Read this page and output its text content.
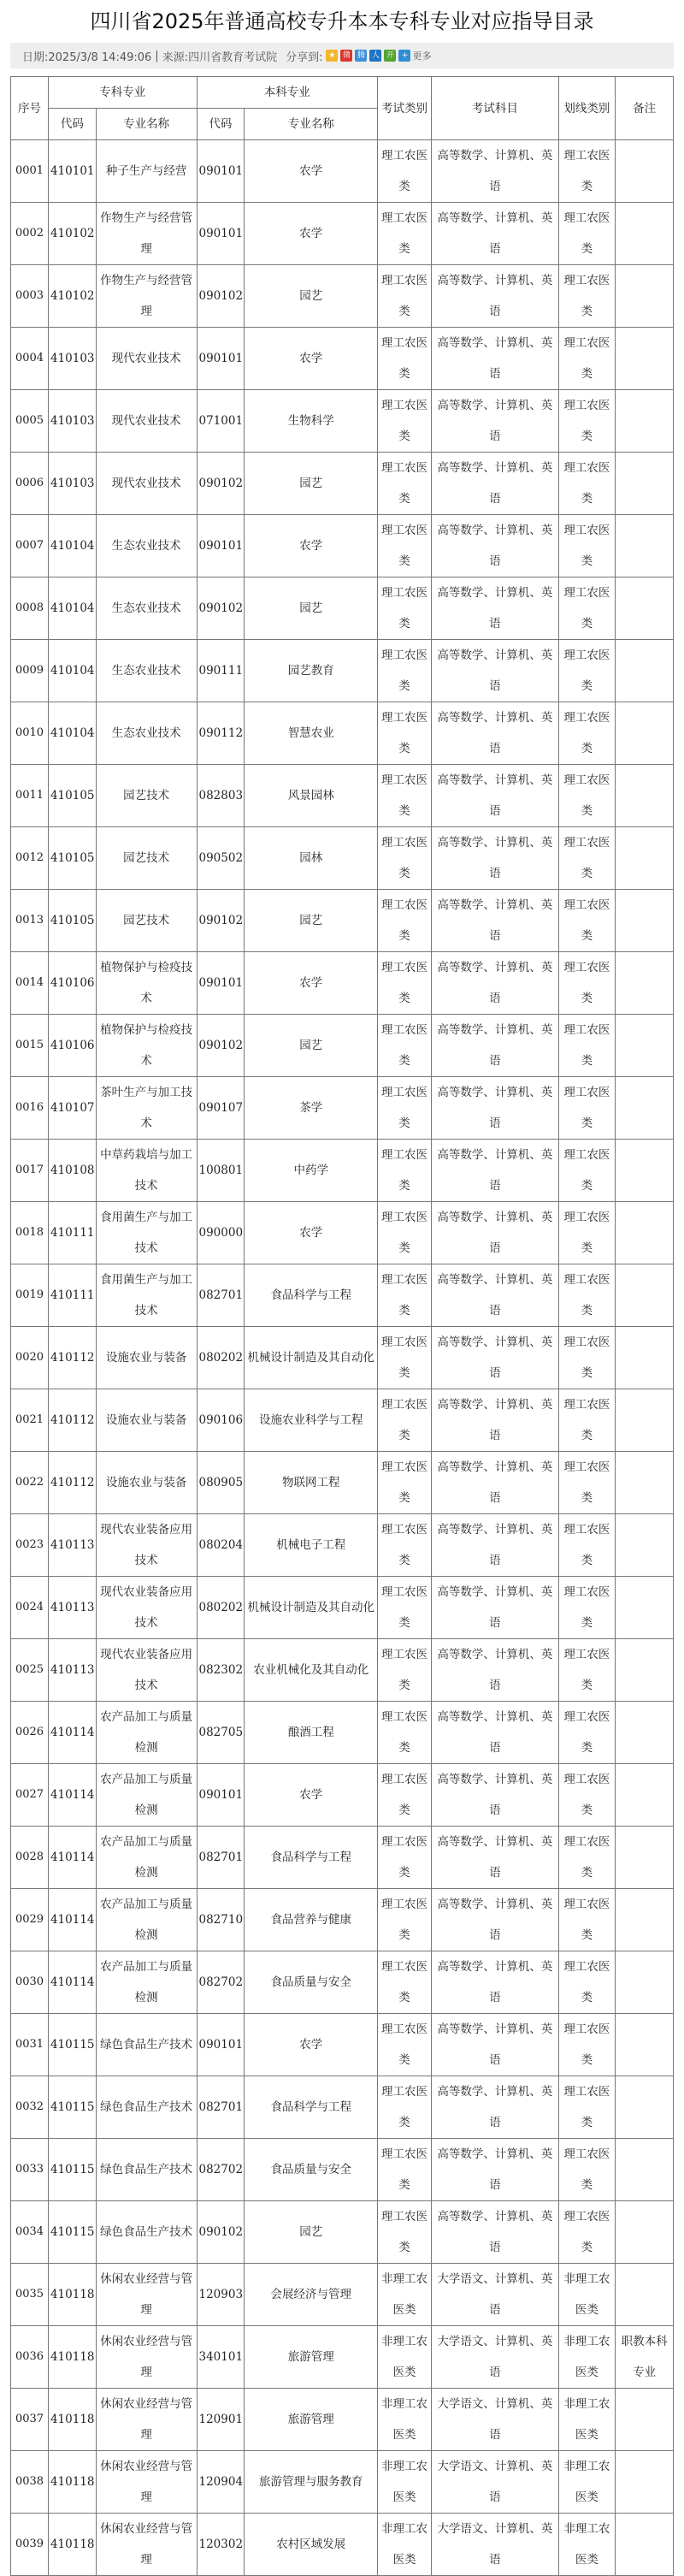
四川省2025年普通高校专升本本专科专业对应指导目录
日期:2025/3/8 14:49:06 | 来源:四川省教育考试院 分享到: ★ 微 腾 人 开 + 更多
序号	专科专业		本科专业		考试类别	考试科目	划线类别	备注
	代码	专业名称	代码	专业名称				
0001	410101	种子生产与经营	090101	农学	理工农医类	高等数学、计算机、英语	理工农医类	
0002	410102	作物生产与经营管理	090101	农学	理工农医类	高等数学、计算机、英语	理工农医类	
0003	410102	作物生产与经营管理	090102	园艺	理工农医类	高等数学、计算机、英语	理工农医类	
0004	410103	现代农业技术	090101	农学	理工农医类	高等数学、计算机、英语	理工农医类	
0005	410103	现代农业技术	071001	生物科学	理工农医类	高等数学、计算机、英语	理工农医类	
0006	410103	现代农业技术	090102	园艺	理工农医类	高等数学、计算机、英语	理工农医类	
0007	410104	生态农业技术	090101	农学	理工农医类	高等数学、计算机、英语	理工农医类	
0008	410104	生态农业技术	090102	园艺	理工农医类	高等数学、计算机、英语	理工农医类	
0009	410104	生态农业技术	090111	园艺教育	理工农医类	高等数学、计算机、英语	理工农医类	
0010	410104	生态农业技术	090112	智慧农业	理工农医类	高等数学、计算机、英语	理工农医类	
0011	410105	园艺技术	082803	风景园林	理工农医类	高等数学、计算机、英语	理工农医类	
0012	410105	园艺技术	090502	园林	理工农医类	高等数学、计算机、英语	理工农医类	
0013	410105	园艺技术	090102	园艺	理工农医类	高等数学、计算机、英语	理工农医类	
0014	410106	植物保护与检疫技术	090101	农学	理工农医类	高等数学、计算机、英语	理工农医类	
0015	410106	植物保护与检疫技术	090102	园艺	理工农医类	高等数学、计算机、英语	理工农医类	
0016	410107	茶叶生产与加工技术	090107	茶学	理工农医类	高等数学、计算机、英语	理工农医类	
0017	410108	中草药栽培与加工技术	100801	中药学	理工农医类	高等数学、计算机、英语	理工农医类	
0018	410111	食用菌生产与加工技术	090000	农学	理工农医类	高等数学、计算机、英语	理工农医类	
0019	410111	食用菌生产与加工技术	082701	食品科学与工程	理工农医类	高等数学、计算机、英语	理工农医类	
0020	410112	设施农业与装备	080202	机械设计制造及其自动化	理工农医类	高等数学、计算机、英语	理工农医类	
0021	410112	设施农业与装备	090106	设施农业科学与工程	理工农医类	高等数学、计算机、英语	理工农医类	
0022	410112	设施农业与装备	080905	物联网工程	理工农医类	高等数学、计算机、英语	理工农医类	
0023	410113	现代农业装备应用技术	080204	机械电子工程	理工农医类	高等数学、计算机、英语	理工农医类	
0024	410113	现代农业装备应用技术	080202	机械设计制造及其自动化	理工农医类	高等数学、计算机、英语	理工农医类	
0025	410113	现代农业装备应用技术	082302	农业机械化及其自动化	理工农医类	高等数学、计算机、英语	理工农医类	
0026	410114	农产品加工与质量检测	082705	酿酒工程	理工农医类	高等数学、计算机、英语	理工农医类	
0027	410114	农产品加工与质量检测	090101	农学	理工农医类	高等数学、计算机、英语	理工农医类	
0028	410114	农产品加工与质量检测	082701	食品科学与工程	理工农医类	高等数学、计算机、英语	理工农医类	
0029	410114	农产品加工与质量检测	082710	食品营养与健康	理工农医类	高等数学、计算机、英语	理工农医类	
0030	410114	农产品加工与质量检测	082702	食品质量与安全	理工农医类	高等数学、计算机、英语	理工农医类	
0031	410115	绿色食品生产技术	090101	农学	理工农医类	高等数学、计算机、英语	理工农医类	
0032	410115	绿色食品生产技术	082701	食品科学与工程	理工农医类	高等数学、计算机、英语	理工农医类	
0033	410115	绿色食品生产技术	082702	食品质量与安全	理工农医类	高等数学、计算机、英语	理工农医类	
0034	410115	绿色食品生产技术	090102	园艺	理工农医类	高等数学、计算机、英语	理工农医类	
0035	410118	休闲农业经营与管理	120903	会展经济与管理	非理工农医类	大学语文、计算机、英语	非理工农医类	
0036	410118	休闲农业经营与管理	340101	旅游管理	非理工农医类	大学语文、计算机、英语	非理工农医类	职教本科专业
0037	410118	休闲农业经营与管理	120901	旅游管理	非理工农医类	大学语文、计算机、英语	非理工农医类	
0038	410118	休闲农业经营与管理	120904	旅游管理与服务教育	非理工农医类	大学语文、计算机、英语	非理工农医类	
0039	410118	休闲农业经营与管理	120302	农村区域发展	非理工农医类	大学语文、计算机、英语	非理工农医类	
